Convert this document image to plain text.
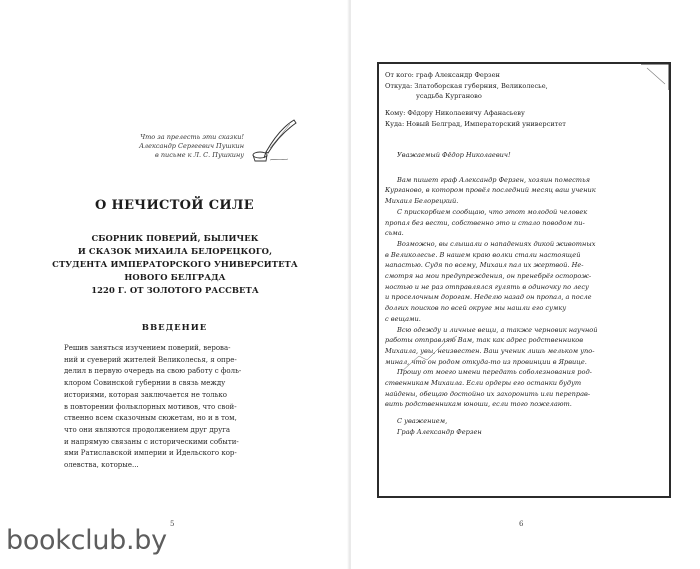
Что за прелесть эти сказки!
Александр Сергеевич Пушкин
в письме к Л. С. Пушкину
О НЕЧИСТОЙ СИЛЕ
СБОРНИК ПОВЕРИЙ, БЫЛИЧЕК
И СКАЗОК МИХАИЛА БЕЛОРЕЦКОГО,
СТУДЕНТА ИМПЕРАТОРСКОГО УНИВЕРСИТЕТА
НОВОГО БЕЛГРАДА
1220 Г. ОТ ЗОЛОТОГО РАССВЕТА
ВВЕДЕНИЕ
Решив заняться изучением поверий, верова-
ний и суеверий жителей Великолесья, я опре-
делил в первую очередь на свою работу с фоль-
клором Совинской губернии в связь между
историями, которая заключается не только
в повторении фольклорных мотивов, что свой-
ственно всем сказочным сюжетам, но и в том,
что они являются продолжением друг друга
и напрямую связаны с историческими событи-
ями Ратиславской империи и Идельского кор-
олевства, которые...
5
От кого: граф Александр Ферзен
Откуда: Златоборская губерния, Великолесье,
усадьба Курганово
Кому: Фёдору Николаевичу Афанасьеву
Куда: Новый Белград, Императорский университет
Уважаемый Фёдор Николаевич!
Вам пишет граф Александр Ферзен, хозяин поместья
Курганово, в котором провёл последний месяц ваш ученик
Михаил Белорецкий.
С прискорбием сообщаю, что этот молодой человек
пропал без вести, собственно это и стало поводом пи-
сьма.
Возможно, вы слышали о нападениях дикой животных
в Великолесье. В нашем краю волки стали настоящей
напастью. Судя по всему, Михаил пал их жертвой. Не-
смотря на мои предупреждения, он пренебрёг осторож-
ностью и не раз отправлялся гулять в одиночку по лесу
и проселочным дорогам. Неделю назад он пропал, а после
долгих поисков по всей округе мы нашли его сумку
с вещами.
Всю одежду и личные вещи, а также черновик научной
работы отправляю Вам, так как адрес родственников
Михаила, увы, неизвестен. Ваш ученик лишь мельком упо-
минал, что он родом откуда-то из провинции в Ярвице.
Прошу от моего имени передать соболезнования род-
ственникам Михаила. Если ордеры его останки будут
найдены, обещаю достойно их захоронить или переправ-
вить родственникам юноши, если того пожелают.
С уважением,
Граф Александр Ферзен
6
bookclub.by
